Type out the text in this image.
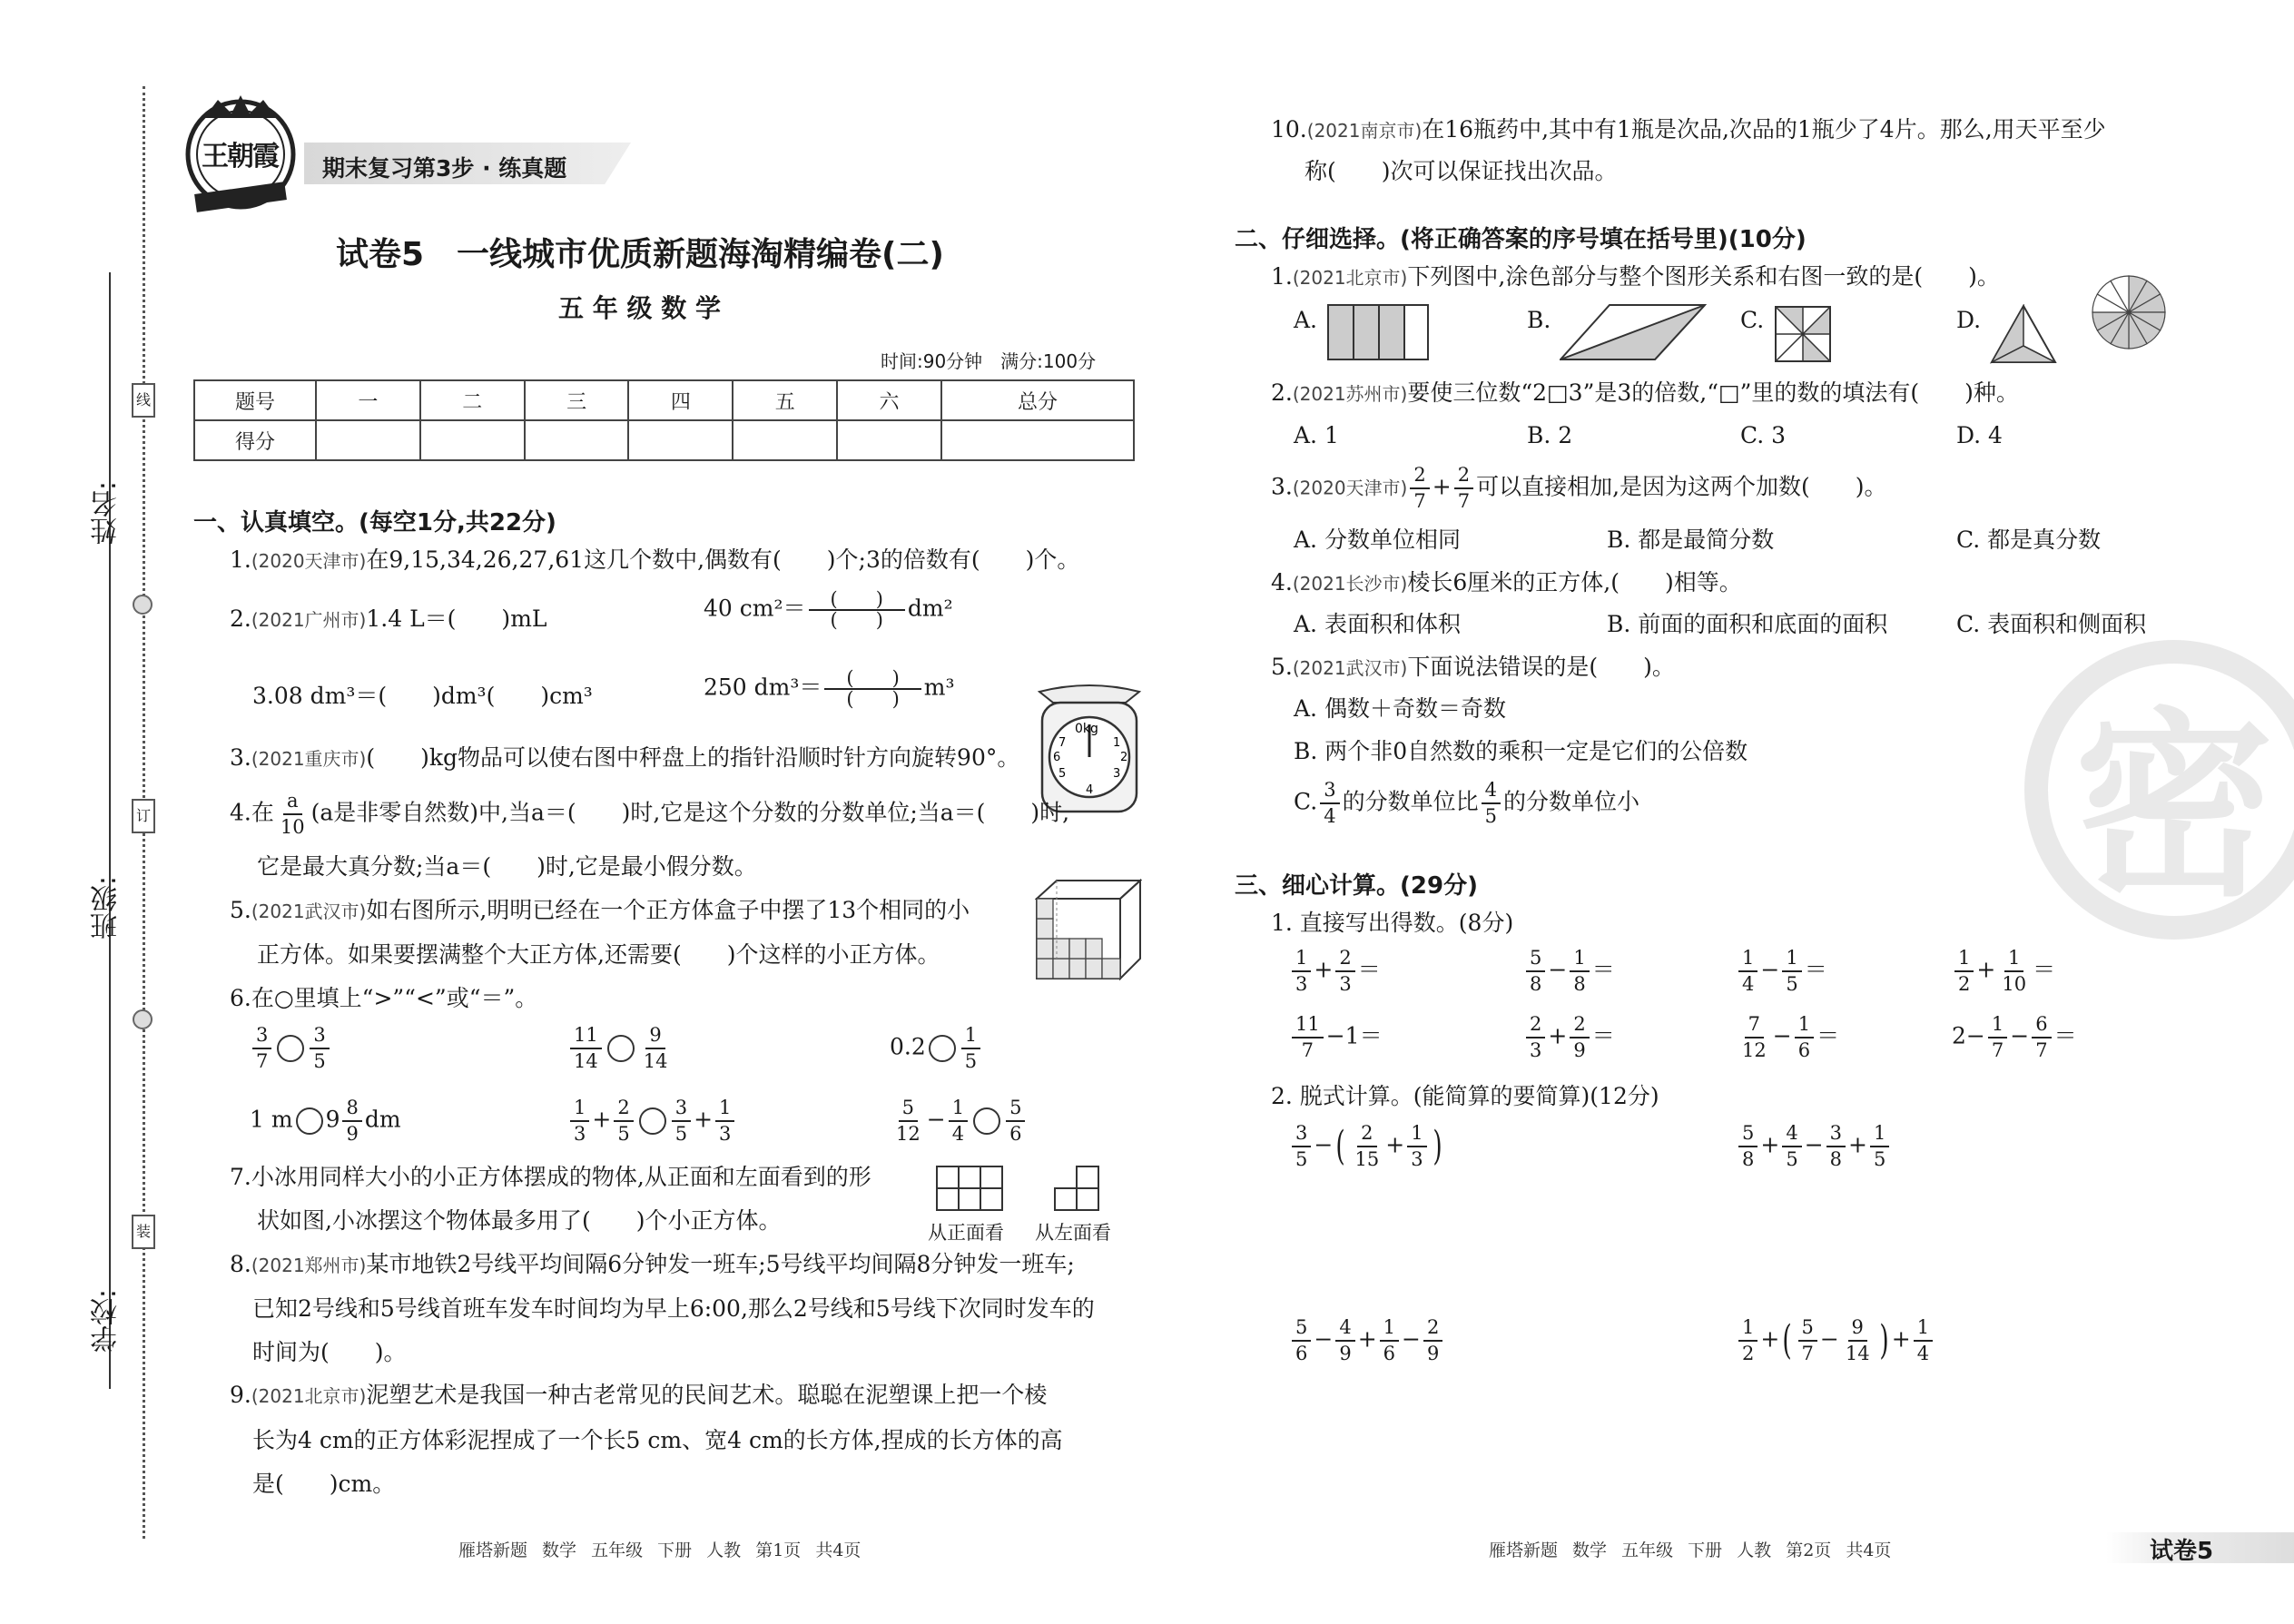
姓名:
班级:
学校:
线
订
装
王朝霞 期末复习第3步 · 练真题
试卷5　一线城市优质新题海淘精编卷(二)
五 年 级 数 学
时间:90分钟　满分:100分
题号	一	二	三	四	五	六	总分
得分							
一、认真填空。(每空1分,共22分)
1.(2020天津市)在9,15,34,26,27,61这几个数中,偶数有(　　)个;3的倍数有(　　)个。
2.(2021广州市)1.4 L＝(　　)mL	40 $cm^2= \frac{( )}{( )} dm^2$
3.08 dm³＝(　　)dm³(　　)cm³	250 $dm^3= \frac{( )}{( )} m^3$
0kg
1
2
3
4
5
6
7
3.(2021重庆市)(　　)kg物品可以使右图中秤盘上的指针沿顺时针方向旋转90°。
4.在 $\frac{a}{10} (a$是非零自然数)中,当a＝(　　)时,它是这个分数的分数单位;当a＝(　　)时,
它是最大真分数;当a＝(　　)时,它是最小假分数。
5.(2021武汉市)如右图所示,明明已经在一个正方体盒子中摆了13个相同的小
正方体。如果要摆满整个大正方体,还需要(　　)个这样的小正方体。
6.在○里填上“>”“<”或“＝”。
$\frac{3}{7} \frac{3}{5}$	$\frac{11}{14} \frac{9}{14}$	$0.2 \frac{1}{5}$
1 m $9 \frac{8}{9}$ dm	$\frac{1}{3} + \frac{2}{5} \frac{3}{5} + \frac{1}{3}$	$\frac{5}{12} - \frac{1}{4} \frac{5}{6}$
从正面看 从左面看
7.小冰用同样大小的小正方体摆成的物体,从正面和左面看到的形
状如图,小冰摆这个物体最多用了(　　)个小正方体。
8.(2021郑州市)某市地铁2号线平均间隔6分钟发一班车;5号线平均间隔8分钟发一班车;
已知2号线和5号线首班车发车时间均为早上6:00,那么2号线和5号线下次同时发车的
时间为(　　)。
9.(2021北京市)泥塑艺术是我国一种古老常见的民间艺术。聪聪在泥塑课上把一个棱
长为4 cm的正方体彩泥捏成了一个长5 cm、宽4 cm的长方体,捏成的长方体的高
是(　　)cm。
雁塔新题 数学 五年级 下册 人教 第1页 共4页
10.(2021南京市)在16瓶药中,其中有1瓶是次品,次品的1瓶少了4片。那么,用天平至少
称(　　)次可以保证找出次品。
密
二、仔细选择。(将正确答案的序号填在括号里)(10分)
1.(2021北京市)下列图中,涂色部分与整个图形关系和右图一致的是(　　)。
A.	B.	C.	D.
2.(2021苏州市)要使三位数“2□3”是3的倍数,“□”里的数的填法有(　　)种。
A. 1	B. 2	C. 3	D. 4
3.(2020天津市) $\frac{2}{7} + \frac{2}{7}$ 可以直接相加,是因为这两个加数(　　)。
A. 分数单位相同	B. 都是最简分数	C. 都是真分数
4.(2021长沙市)棱长6厘米的正方体,(　　)相等。
A. 表面积和体积	B. 前面的面积和底面的面积	C. 表面积和侧面积
5.(2021武汉市)下面说法错误的是(　　)。
A. 偶数＋奇数＝奇数
B. 两个非0自然数的乘积一定是它们的公倍数
C. $\frac{3}{4}$ 的分数单位比 $\frac{4}{5}$ 的分数单位小
三、细心计算。(29分)
1. 直接写出得数。(8分)
$\frac{1}{3} + \frac{2}{3}$ ＝	$\frac{5}{8} - \frac{1}{8}$ ＝	$\frac{1}{4} - \frac{1}{5}$ ＝	$\frac{1}{2} + \frac{1}{10}$ ＝
$\frac{11}{7} -1=$	$\frac{2}{3} + \frac{2}{9}$ ＝	$\frac{7}{12} - \frac{1}{6}$ ＝	$2- \frac{1}{7} - \frac{6}{7}$ ＝
2. 脱式计算。(能简算的要简算)(12分)
$\frac{3}{5}$ −( $\frac{2}{15} + \frac{1}{3}$ )	$\frac{5}{8} + \frac{4}{5} - \frac{3}{8} + \frac{1}{5}$
$\frac{5}{6} - \frac{4}{9} + \frac{1}{6} - \frac{2}{9}$	$\frac{1}{2}$ +( $\frac{5}{7} - \frac{9}{14}$ ) + $\frac{1}{4}$
雁塔新题 数学 五年级 下册 人教 第2页 共4页	试卷5
